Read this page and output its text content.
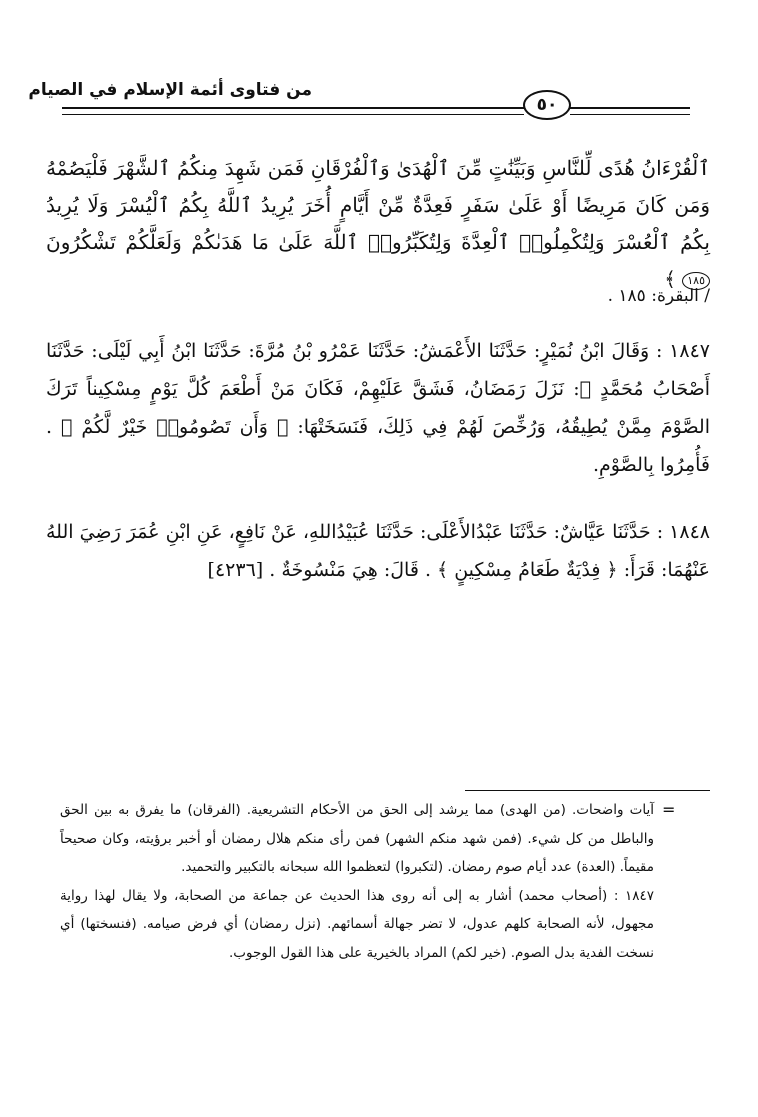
من فتاوى أئمة الإسلام في الصيام
٥٠
ٱلْقُرْءَانُ هُدًى لِّلنَّاسِ وَبَيِّنَٰتٍ مِّنَ ٱلْهُدَىٰ وَٱلْفُرْقَانِ فَمَن شَهِدَ مِنكُمُ ٱلشَّهْرَ فَلْيَصُمْهُ وَمَن كَانَ مَرِيضًا أَوْ عَلَىٰ سَفَرٍ فَعِدَّةٌ مِّنْ أَيَّامٍ أُخَرَ يُرِيدُ ٱللَّهُ بِكُمُ ٱلْيُسْرَ وَلَا يُرِيدُ بِكُمُ ٱلْعُسْرَ وَلِتُكْمِلُوا۟ ٱلْعِدَّةَ وَلِتُكَبِّرُوا۟ ٱللَّهَ عَلَىٰ مَا هَدَىٰكُمْ وَلَعَلَّكُمْ تَشْكُرُونَ ١٨٥ ﴾
/ البقرة: ١٨٥ .
١٨٤٧ : وَقَالَ ابْنُ نُمَيْرٍ: حَدَّثَنَا الأَعْمَشُ: حَدَّثَنَا عَمْرُو بْنُ مُرَّةَ: حَدَّثَنَا ابْنُ أَبِي لَيْلَى: حَدَّثَنَا أَصْحَابُ مُحَمَّدٍ ﷺ: نَزَلَ رَمَضَانُ، فَشَقَّ عَلَيْهِمْ، فَكَانَ مَنْ أَطْعَمَ كُلَّ يَوْمٍ مِسْكِيناً تَرَكَ الصَّوْمَ مِمَّنْ يُطِيقُهُ، وَرُخِّصَ لَهُمْ فِي ذَلِكَ، فَنَسَخَتْهَا: ﴿ وَأَن تَصُومُوا۟ خَيْرٌ لَّكُمْ ﴾ . فَأُمِرُوا بِالصَّوْمِ.
١٨٤٨ : حَدَّثَنَا عَيَّاشٌ: حَدَّثَنَا عَبْدُالأَعْلَى: حَدَّثَنَا عُبَيْدُاللهِ، عَنْ نَافِعٍ، عَنِ ابْنِ عُمَرَ رَضِيَ اللهُ عَنْهُمَا: قَرَأَ: ﴿ فِدْيَةٌ طَعَامُ مِسْكِينٍ ﴾ . قَالَ: هِيَ مَنْسُوخَةٌ . [٤٢٣٦]
=

آيات واضحات. (من الهدى) مما يرشد إلى الحق من الأحكام التشريعية. (الفرقان) ما يفرق به بين الحق والباطل من كل شيء. (فمن شهد منكم الشهر) فمن رأى منكم هلال رمضان أو أخبر برؤيته، وكان صحيحاً مقيماً. (العدة) عدد أيام صوم رمضان. (لتكبروا) لتعظموا الله سبحانه بالتكبير والتحميد.

١٨٤٧ : (أصحاب محمد) أشار به إلى أنه روى هذا الحديث عن جماعة من الصحابة، ولا يقال لهذا رواية مجهول، لأنه الصحابة كلهم عدول، لا تضر جهالة أسمائهم. (نزل رمضان) أي فرض صيامه. (فنسختها) أي نسخت الفدية بدل الصوم. (خير لكم) المراد بالخيرية على هذا القول الوجوب.
